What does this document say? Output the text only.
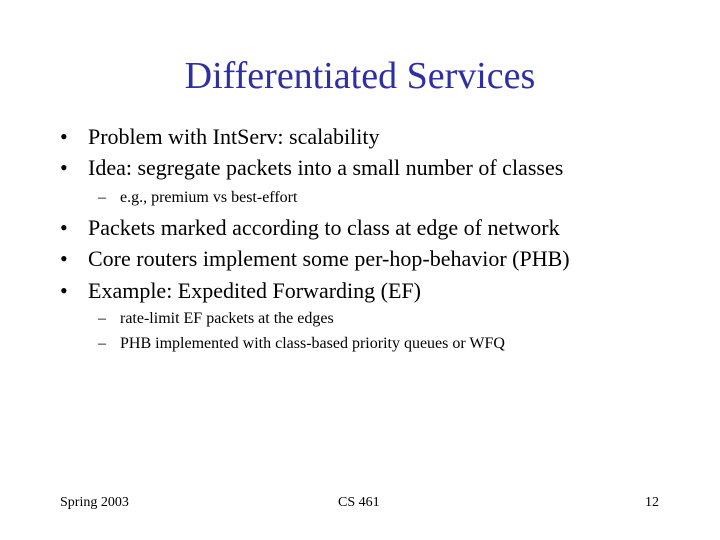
Differentiated Services
• Problem with IntServ: scalability
• Idea: segregate packets into a small number of classes
– e.g., premium vs best-effort
• Packets marked according to class at edge of network
• Core routers implement some per-hop-behavior (PHB)
• Example: Expedited Forwarding (EF)
– rate-limit EF packets at the edges
– PHB implemented with class-based priority queues or WFQ
Spring 2003	CS 461	12
